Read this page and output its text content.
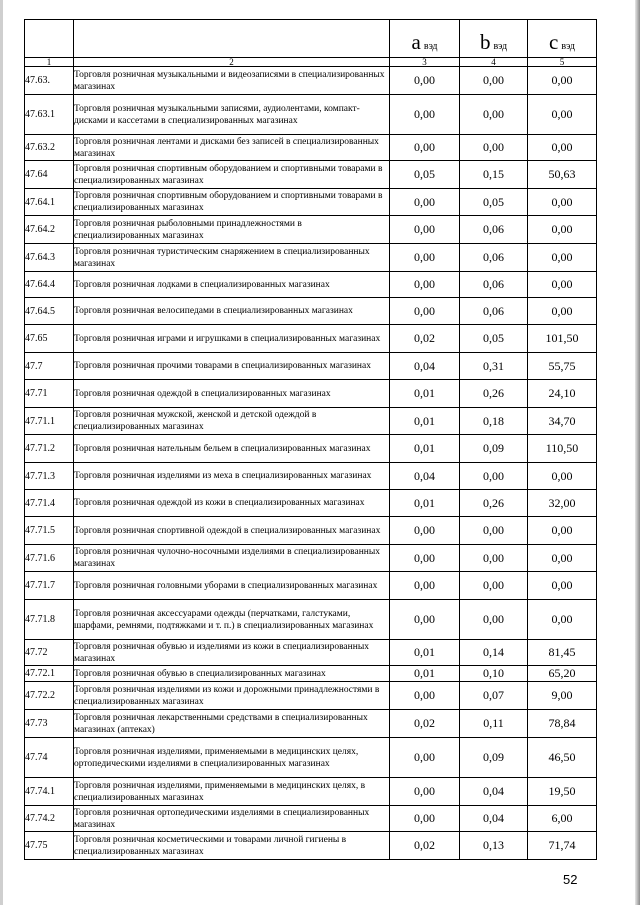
		a вэд	b вэд	c вэд
1	2	3	4	5
47.63.	Торговля розничная музыкальными и видеозаписями в специализированных магазинах	0,00	0,00	0,00
47.63.1	Торговля розничная музыкальными записями, аудиолентами, компакт-дисками и кассетами в специализированных магазинах	0,00	0,00	0,00
47.63.2	Торговля розничная лентами и дисками без записей в специализированных магазинах	0,00	0,00	0,00
47.64	Торговля розничная спортивным оборудованием и спортивными товарами в специализированных магазинах	0,05	0,15	50,63
47.64.1	Торговля розничная спортивным оборудованием и спортивными товарами в специализированных магазинах	0,00	0,05	0,00
47.64.2	Торговля розничная рыболовными принадлежностями в специализированных магазинах	0,00	0,06	0,00
47.64.3	Торговля розничная туристическим снаряжением в специализированных магазинах	0,00	0,06	0,00
47.64.4	Торговля розничная лодками в специализированных магазинах	0,00	0,06	0,00
47.64.5	Торговля розничная велосипедами в специализированных магазинах	0,00	0,06	0,00
47.65	Торговля розничная играми и игрушками в специализированных магазинах	0,02	0,05	101,50
47.7	Торговля розничная прочими товарами в специализированных магазинах	0,04	0,31	55,75
47.71	Торговля розничная одеждой в специализированных магазинах	0,01	0,26	24,10
47.71.1	Торговля розничная мужской, женской и детской одеждой в специализированных магазинах	0,01	0,18	34,70
47.71.2	Торговля розничная нательным бельем в специализированных магазинах	0,01	0,09	110,50
47.71.3	Торговля розничная изделиями из меха в специализированных магазинах	0,04	0,00	0,00
47.71.4	Торговля розничная одеждой из кожи в специализированных магазинах	0,01	0,26	32,00
47.71.5	Торговля розничная спортивной одеждой в специализированных магазинах	0,00	0,00	0,00
47.71.6	Торговля розничная чулочно-носочными изделиями в специализированных магазинах	0,00	0,00	0,00
47.71.7	Торговля розничная головными уборами в специализированных магазинах	0,00	0,00	0,00
47.71.8	Торговля розничная аксессуарами одежды (перчатками, галстуками, шарфами, ремнями, подтяжками и т. п.) в специализированных магазинах	0,00	0,00	0,00
47.72	Торговля розничная обувью и изделиями из кожи в специализированных магазинах	0,01	0,14	81,45
47.72.1	Торговля розничная обувью в специализированных магазинах	0,01	0,10	65,20
47.72.2	Торговля розничная изделиями из кожи и дорожными принадлежностями в специализированных магазинах	0,00	0,07	9,00
47.73	Торговля розничная лекарственными средствами в специализированных магазинах (аптеках)	0,02	0,11	78,84
47.74	Торговля розничная изделиями, применяемыми в медицинских целях, ортопедическими изделиями в специализированных магазинах	0,00	0,09	46,50
47.74.1	Торговля розничная изделиями, применяемыми в медицинских целях, в специализированных магазинах	0,00	0,04	19,50
47.74.2	Торговля розничная ортопедическими изделиями в специализированных магазинах	0,00	0,04	6,00
47.75	Торговля розничная косметическими и товарами личной гигиены в специализированных магазинах	0,02	0,13	71,74
52
